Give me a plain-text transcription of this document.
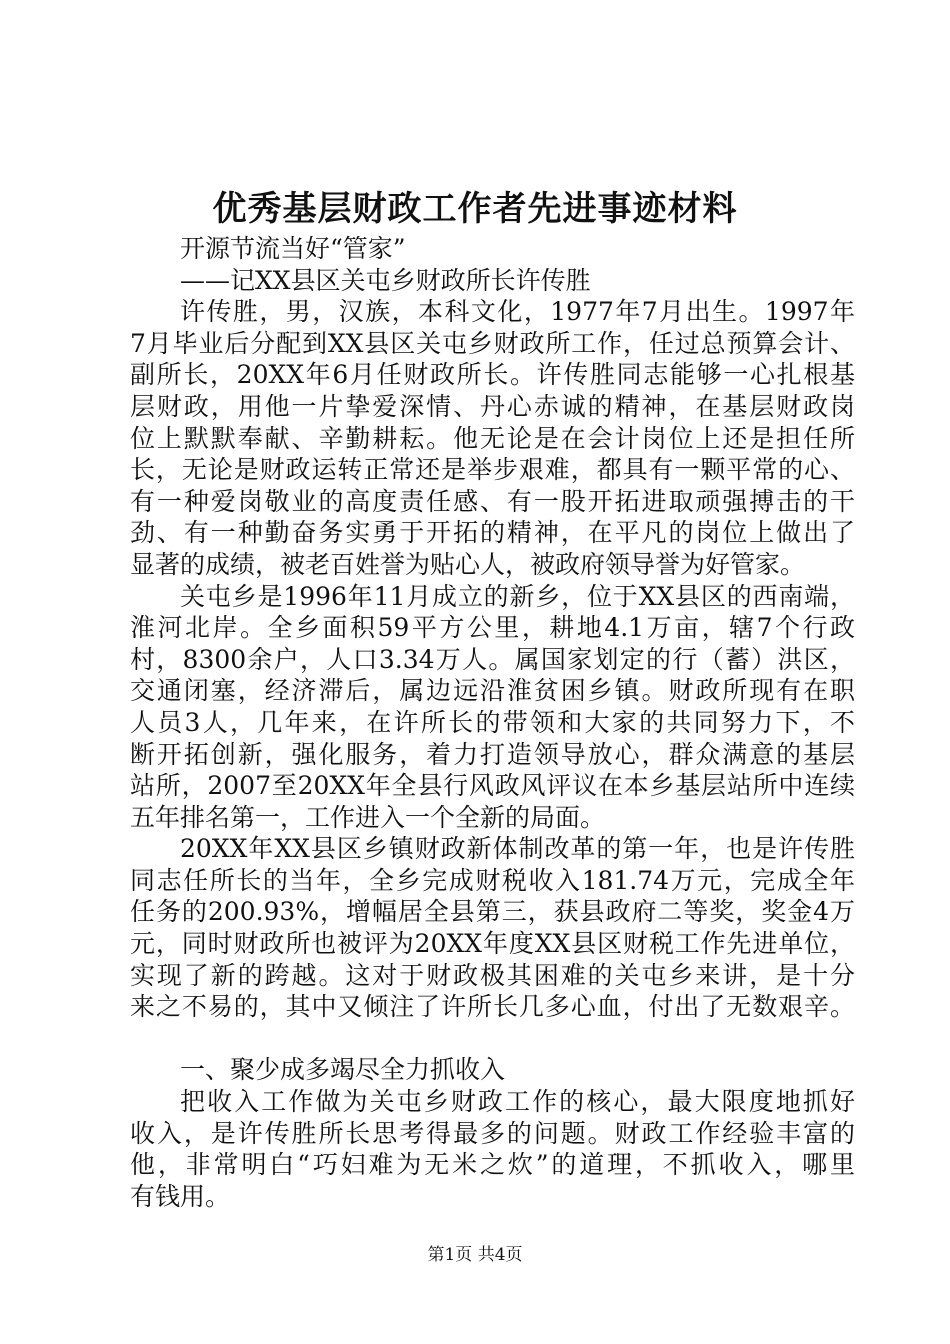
优秀基层财政工作者先进事迹材料
开源节流当好“管家”
——记XX县区关屯乡财政所长许传胜
许传胜，男，汉族，本科文化，1977年7月出生。1997年
7月毕业后分配到XX县区关屯乡财政所工作，任过总预算会计、
副所长，20XX年6月任财政所长。许传胜同志能够一心扎根基
层财政，用他一片挚爱深情、丹心赤诚的精神，在基层财政岗
位上默默奉献、辛勤耕耘。他无论是在会计岗位上还是担任所
长，无论是财政运转正常还是举步艰难，都具有一颗平常的心、
有一种爱岗敬业的高度责任感、有一股开拓进取顽强搏击的干
劲、有一种勤奋务实勇于开拓的精神，在平凡的岗位上做出了
显著的成绩，被老百姓誉为贴心人，被政府领导誉为好管家。
关屯乡是1996年11月成立的新乡，位于XX县区的西南端，
淮河北岸。全乡面积59平方公里，耕地4.1万亩，辖7个行政
村，8300余户，人口3.34万人。属国家划定的行（蓄）洪区，
交通闭塞，经济滞后，属边远沿淮贫困乡镇。财政所现有在职
人员3人，几年来，在许所长的带领和大家的共同努力下，不
断开拓创新，强化服务，着力打造领导放心，群众满意的基层
站所，2007至20XX年全县行风政风评议在本乡基层站所中连续
五年排名第一，工作进入一个全新的局面。
20XX年XX县区乡镇财政新体制改革的第一年，也是许传胜
同志任所长的当年，全乡完成财税收入181.74万元，完成全年
任务的200.93%，增幅居全县第三，获县政府二等奖，奖金4万
元，同时财政所也被评为20XX年度XX县区财税工作先进单位，
实现了新的跨越。这对于财政极其困难的关屯乡来讲，是十分
来之不易的，其中又倾注了许所长几多心血，付出了无数艰辛。
一、聚少成多竭尽全力抓收入
把收入工作做为关屯乡财政工作的核心，最大限度地抓好
收入，是许传胜所长思考得最多的问题。财政工作经验丰富的
他，非常明白“巧妇难为无米之炊”的道理，不抓收入，哪里
有钱用。
第1页 共4页
